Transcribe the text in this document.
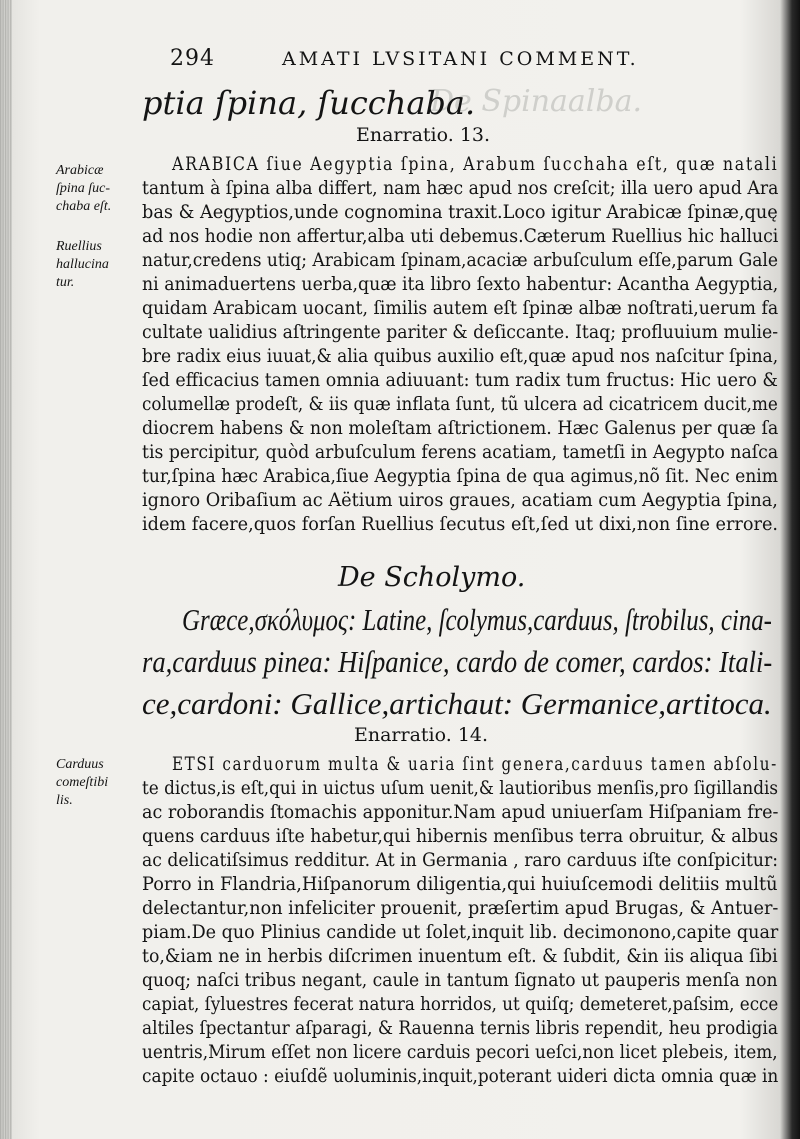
De Spinaalba.
294	AMATI LVSITANI COMMENT.
ptia ſpina, ſucchaba.
Enarratio. 13.
Arabicæ
ſpina ſuc-
chaba eſt.
Ruellius
hallucina
tur.
ARABICA ſiue Aegyptia ſpina, Arabum ſucchaha eſt, quæ natali
tantum à ſpina alba differt, nam hæc apud nos creſcit; illa uero apud Ara
bas & Aegyptios,unde cognomina traxit.Loco igitur Arabicæ ſpinæ,quę
ad nos hodie non affertur,alba uti debemus.Cæterum Ruellius hic halluci
natur,credens utiq; Arabicam ſpinam,acaciæ arbuſculum eſſe,parum Gale
ni animaduertens uerba,quæ ita libro ſexto habentur: Acantha Aegyptia,
quidam Arabicam uocant, ſimilis autem eſt ſpinæ albæ noſtrati,uerum fa
cultate ualidius aſtringente pariter & deſiccante. Itaq; profluuium mulie-
bre radix eius iuuat,& alia quibus auxilio eſt,quæ apud nos naſcitur ſpina,
ſed efficacius tamen omnia adiuuant: tum radix tum fructus: Hic uero &
columellæ prodeſt, & iis quæ inflata ſunt, tũ ulcera ad cicatricem ducit,me
diocrem habens & non moleſtam aſtrictionem. Hæc Galenus per quæ ſa
tis percipitur, quòd arbuſculum ferens acatiam, tametſi in Aegypto naſca
tur,ſpina hæc Arabica,ſiue Aegyptia ſpina de qua agimus,nõ ſit. Nec enim
ignoro Oribaſium ac Aëtium uiros graues, acatiam cum Aegyptia ſpina,
idem facere,quos forſan Ruellius ſecutus eſt,ſed ut dixi,non ſine errore.
De Scholymo.
Græce,σκόλυμος: Latine, ſcolymus,carduus, ſtrobilus, cina-
ra,carduus pinea: Hiſpanice, cardo de comer, cardos: Itali-
ce,cardoni: Gallice,artichaut: Germanice,artitoca.
Enarratio. 14.
Carduus
comeſtibi
lis.
ETSI carduorum multa & uaria ſint genera,carduus tamen abſolu-
te dictus,is eſt,qui in uictus uſum uenit,& lautioribus menſis,pro ſigillandis
ac roborandis ſtomachis apponitur.Nam apud uniuerſam Hiſpaniam fre-
quens carduus iſte habetur,qui hibernis menſibus terra obruitur, & albus
ac delicatiſsimus redditur. At in Germania , raro carduus iſte conſpicitur:
Porro in Flandria,Hiſpanorum diligentia,qui huiuſcemodi delitiis multũ
delectantur,non infeliciter prouenit, præſertim apud Brugas, & Antuer-
piam.De quo Plinius candide ut ſolet,inquit lib. decimonono,capite quar
to,&iam ne in herbis diſcrimen inuentum eſt. & ſubdit, &in iis aliqua ſibi
quoq; naſci tribus negant, caule in tantum ſignato ut pauperis menſa non
capiat, ſyluestres fecerat natura horridos, ut quiſq; demeteret,paſsim, ecce
altiles ſpectantur aſparagi, & Rauenna ternis libris rependit, heu prodigia
uentris,Mirum eſſet non licere carduis pecori ueſci,non licet plebeis, item,
capite octauo : eiuſdẽ uoluminis,inquit,poterant uideri dicta omnia quæ in
